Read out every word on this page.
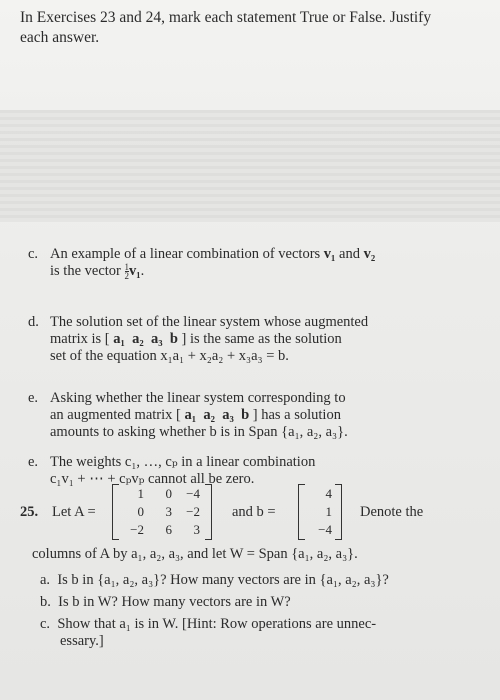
In Exercises 23 and 24, mark each statement True or False. Justify each answer.
c. An example of a linear combination of vectors v₁ and v₂
is the vector $\frac{1}{2} v_1$.
d. The solution set of the linear system whose augmented
matrix is [ a₁ a₂ a₃ b ] is the same as the solution
set of the equation x₁a₁ + x₂a₂ + x₃a₃ = b.
e. Asking whether the linear system corresponding to
an augmented matrix [ a₁ a₂ a₃ b ] has a solution
amounts to asking whether b is in Span {a₁, a₂, a₃}.
e. The weights c₁, …, cₚ in a linear combination
c₁v₁ + ⋯ + cₚvₚ cannot all be zero.
25. Let A =
1	0	−4
0	3	−2
−2	6	3
and b =
4
1
−4
Denote the
columns of A by a₁, a₂, a₃, and let W = Span {a₁, a₂, a₃}.
a. Is b in {a₁, a₂, a₃}? How many vectors are in {a₁, a₂, a₃}?
b. Is b in W? How many vectors are in W?
c. Show that a₁ is in W. [Hint: Row operations are unnec-
essary.]
